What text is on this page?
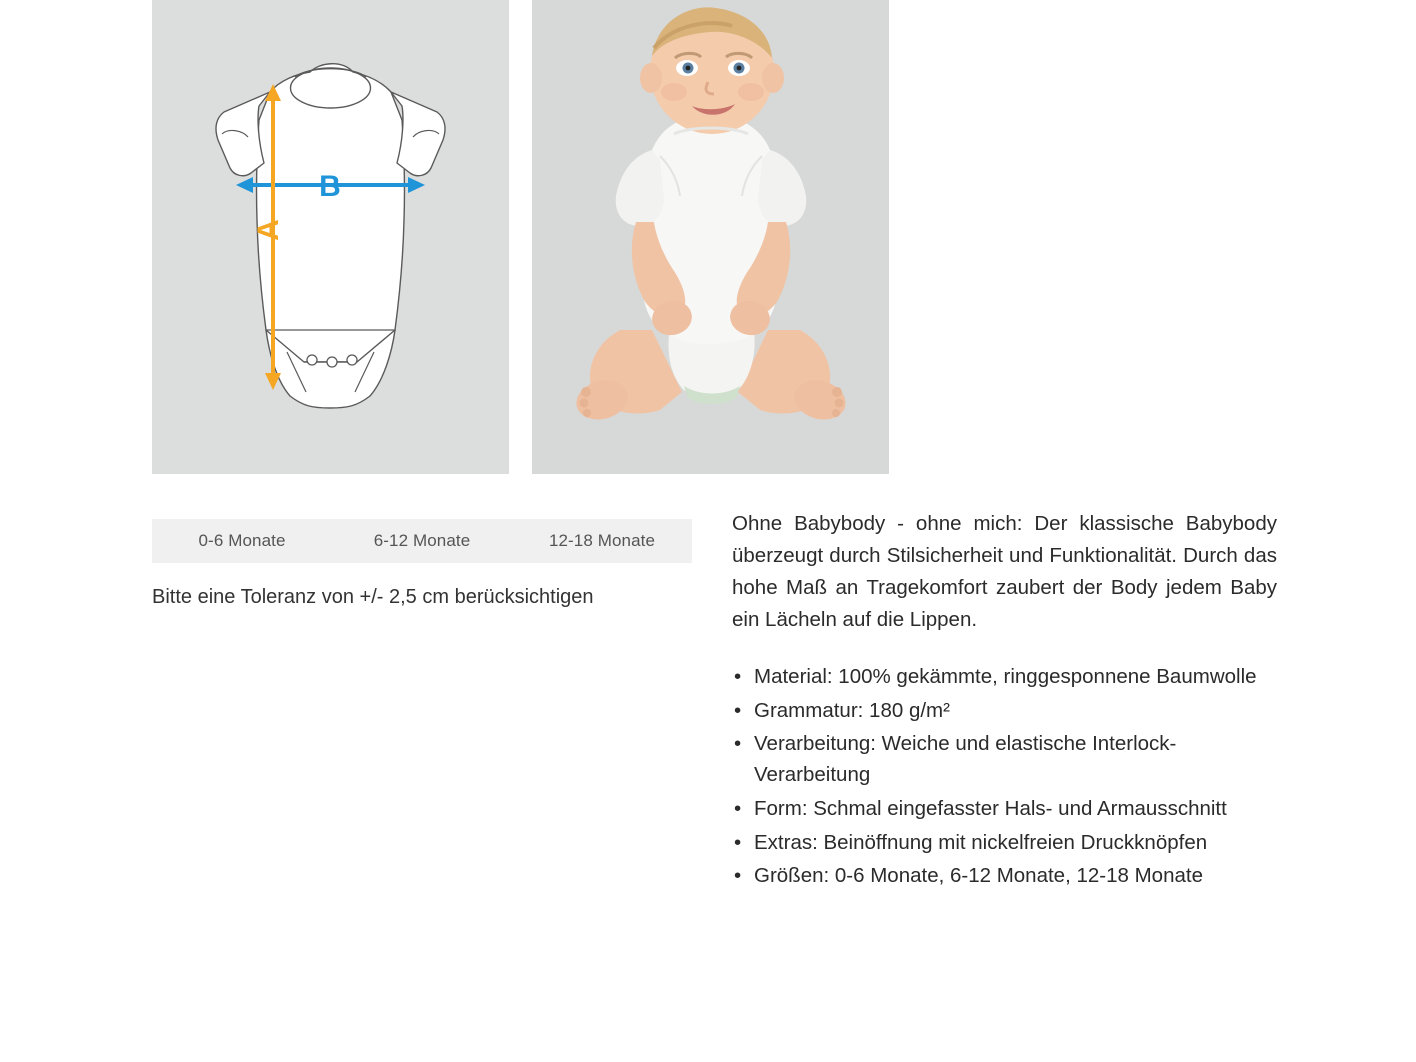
B
A
0-6 Monate	6-12 Monate	12-18 Monate
Bitte eine Toleranz von +/- 2,5 cm berücksichtigen

Ohne Babybody - ohne mich: Der klassische Babybody überzeugt durch Stilsicherheit und Funktionalität. Durch das hohe Maß an Tragekomfort zaubert der Body jedem Baby ein Lächeln auf die Lippen.

• Material: 100% gekämmte, ringgesponnene Baumwolle
• Grammatur: 180 g/m²
• Verarbeitung: Weiche und elastische Interlock-Verarbeitung
• Form: Schmal eingefasster Hals- und Armausschnitt
• Extras: Beinöffnung mit nickelfreien Druckknöpfen
• Größen: 0-6 Monate, 6-12 Monate, 12-18 Monate
